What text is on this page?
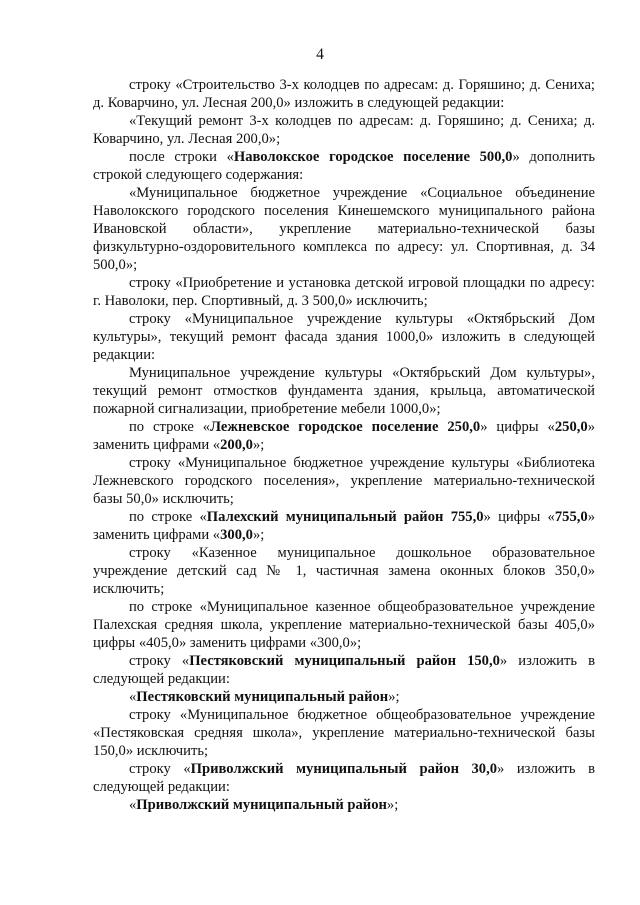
4

строку «Строительство 3-х колодцев по адресам: д. Горяшино; д. Сениха; д. Коварчино, ул. Лесная 200,0» изложить в следующей редакции:

«Текущий ремонт 3-х колодцев по адресам: д. Горяшино; д. Сениха; д. Коварчино, ул. Лесная 200,0»;

после строки «Наволокское городское поселение 500,0» дополнить строкой следующего содержания:

«Муниципальное бюджетное учреждение «Социальное объединение Наволокского городского поселения Кинешемского муниципального района Ивановской области», укрепление материально-технической базы физкультурно-оздоровительного комплекса по адресу: ул. Спортивная, д. 34 500,0»;

строку «Приобретение и установка детской игровой площадки по адресу: г. Наволоки, пер. Спортивный, д. 3 500,0» исключить;

строку «Муниципальное учреждение культуры «Октябрьский Дом культуры», текущий ремонт фасада здания 1000,0» изложить в следующей редакции:

Муниципальное учреждение культуры «Октябрьский Дом культуры», текущий ремонт отмостков фундамента здания, крыльца, автоматической пожарной сигнализации, приобретение мебели 1000,0»;

по строке «Лежневское городское поселение 250,0» цифры «250,0» заменить цифрами «200,0»;

строку «Муниципальное бюджетное учреждение культуры «Библиотека Лежневского городского поселения», укрепление материально-технической базы 50,0» исключить;

по строке «Палехский муниципальный район 755,0» цифры «755,0» заменить цифрами «300,0»;

строку «Казенное муниципальное дошкольное образовательное учреждение детский сад № 1, частичная замена оконных блоков 350,0» исключить;

по строке «Муниципальное казенное общеобразовательное учреждение Палехская средняя школа, укрепление материально-технической базы 405,0» цифры «405,0» заменить цифрами «300,0»;

строку «Пестяковский муниципальный район 150,0» изложить в следующей редакции:

«Пестяковский муниципальный район»;

строку «Муниципальное бюджетное общеобразовательное учреждение «Пестяковская средняя школа», укрепление материально-технической базы 150,0» исключить;

строку «Приволжский муниципальный район 30,0» изложить в следующей редакции:

«Приволжский муниципальный район»;
